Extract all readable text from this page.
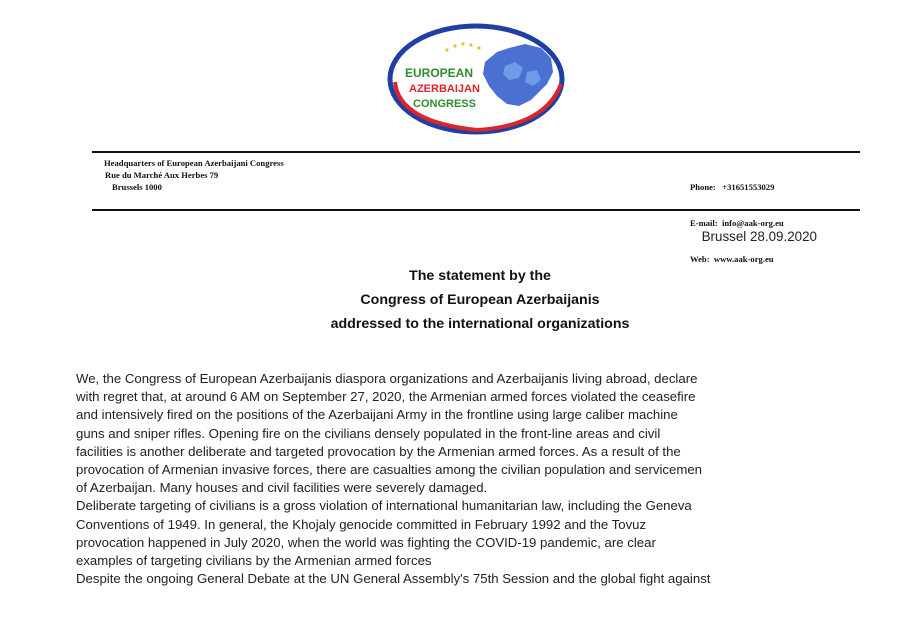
EUROPEAN
AZERBAIJAN
CONGRESS
Headquarters of European Azerbaijani Congress
Rue du Marché Aux Herbes 79
Brussels 1000

	Phone:   +31651553029

E-mail:  info@aak-org.eu

Web:  www.aak-org.eu

Brussel 28.09.2020
The statement by the
Congress of European Azerbaijanis
addressed to the international organizations
We, the Congress of European Azerbaijanis diaspora organizations and Azerbaijanis living abroad, declare
with regret that, at around 6 AM on September 27, 2020, the Armenian armed forces violated the ceasefire
and intensively fired on the positions of the Azerbaijani Army in the frontline using large caliber machine
guns and sniper rifles. Opening fire on the civilians densely populated in the front-line areas and civil
facilities is another deliberate and targeted provocation by the Armenian armed forces. As a result of the
provocation of Armenian invasive forces, there are casualties among the civilian population and servicemen
of Azerbaijan. Many houses and civil facilities were severely damaged.
Deliberate targeting of civilians is a gross violation of international humanitarian law, including the Geneva
Conventions of 1949. In general, the Khojaly genocide committed in February 1992 and the Tovuz
provocation happened in July 2020, when the world was fighting the COVID-19 pandemic, are clear
examples of targeting civilians by the Armenian armed forces
Despite the ongoing General Debate at the UN General Assembly's 75th Session and the global fight against
